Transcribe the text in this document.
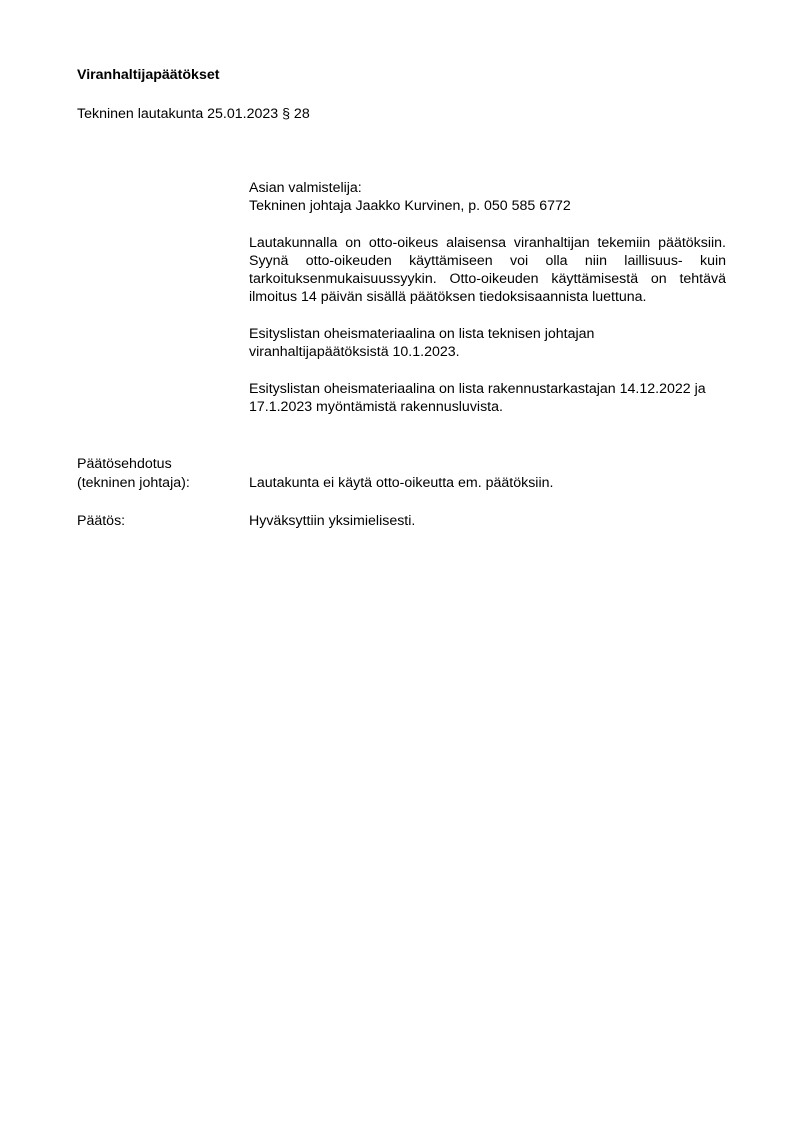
Viranhaltijapäätökset
Tekninen lautakunta 25.01.2023 § 28
Asian valmistelija:
Tekninen johtaja Jaakko Kurvinen, p. 050 585 6772
Lautakunnalla on otto-oikeus alaisensa viranhaltijan tekemiin päätöksiin. Syynä otto-oikeuden käyttämiseen voi olla niin laillisuus- kuin tarkoituksenmukaisuussyykin. Otto-oikeuden käyttämisestä on tehtävä ilmoitus 14 päivän sisällä päätöksen tiedoksisaannista luettuna.
Esityslistan oheismateriaalina on lista teknisen johtajan viranhaltijapäätöksistä 10.1.2023.
Esityslistan oheismateriaalina on lista rakennustarkastajan 14.12.2022 ja 17.1.2023 myöntämistä rakennusluvista.
Päätösehdotus
(tekninen johtaja):	Lautakunta ei käytä otto-oikeutta em. päätöksiin.
Päätös:	Hyväksyttiin yksimielisesti.
